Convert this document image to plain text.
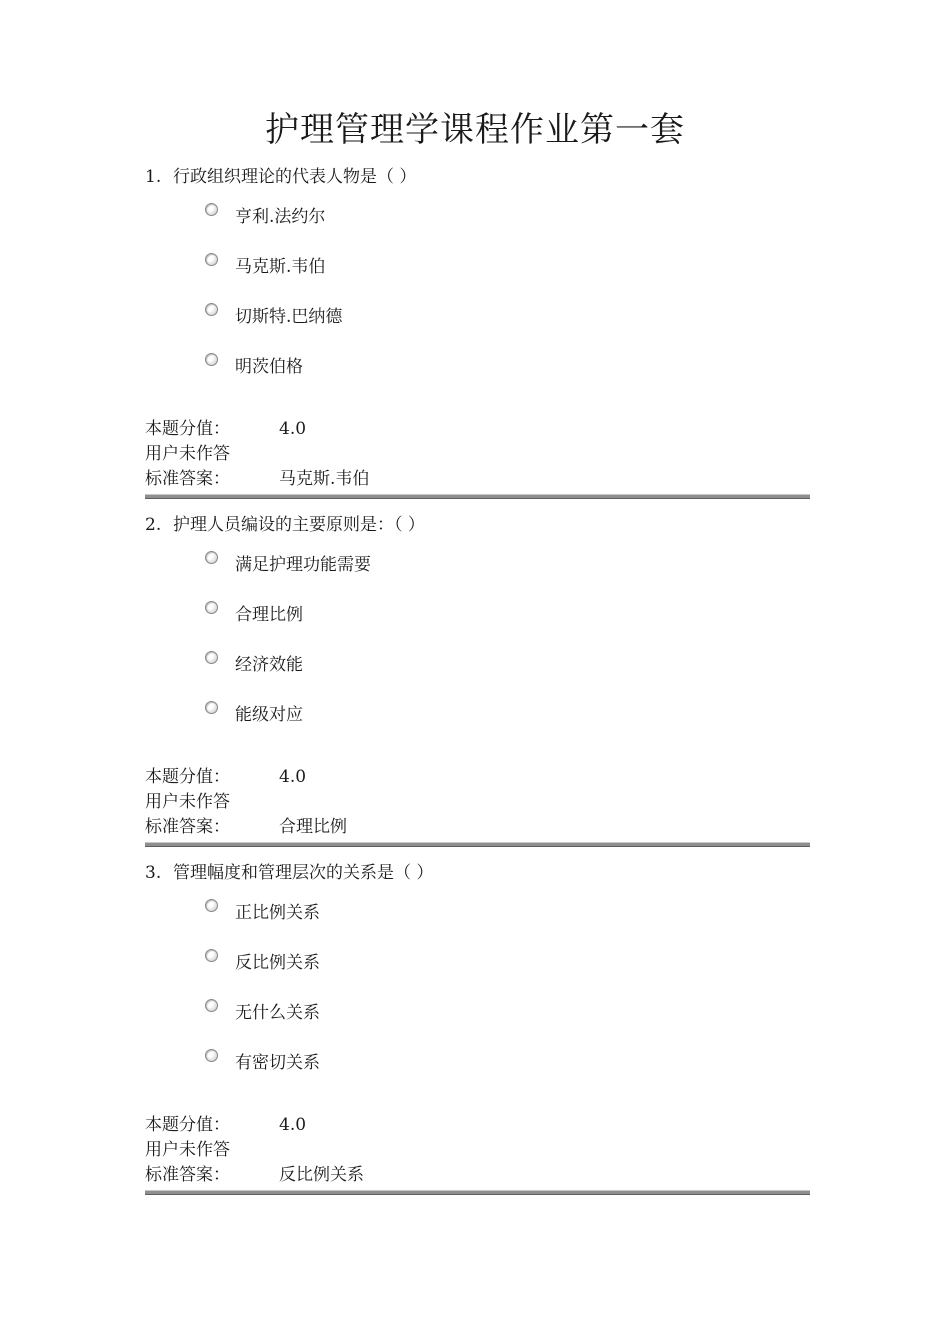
护理管理学课程作业第一套
1. 行政组织理论的代表人物是（ ）
亨利.法约尔
马克斯.韦伯
切斯特.巴纳德
明茨伯格
本题分值：	4.0
用户未作答
标准答案：	马克斯.韦伯
2. 护理人员编设的主要原则是：（ ）
满足护理功能需要
合理比例
经济效能
能级对应
本题分值：	4.0
用户未作答
标准答案：	合理比例
3. 管理幅度和管理层次的关系是（ ）
正比例关系
反比例关系
无什么关系
有密切关系
本题分值：	4.0
用户未作答
标准答案：	反比例关系
